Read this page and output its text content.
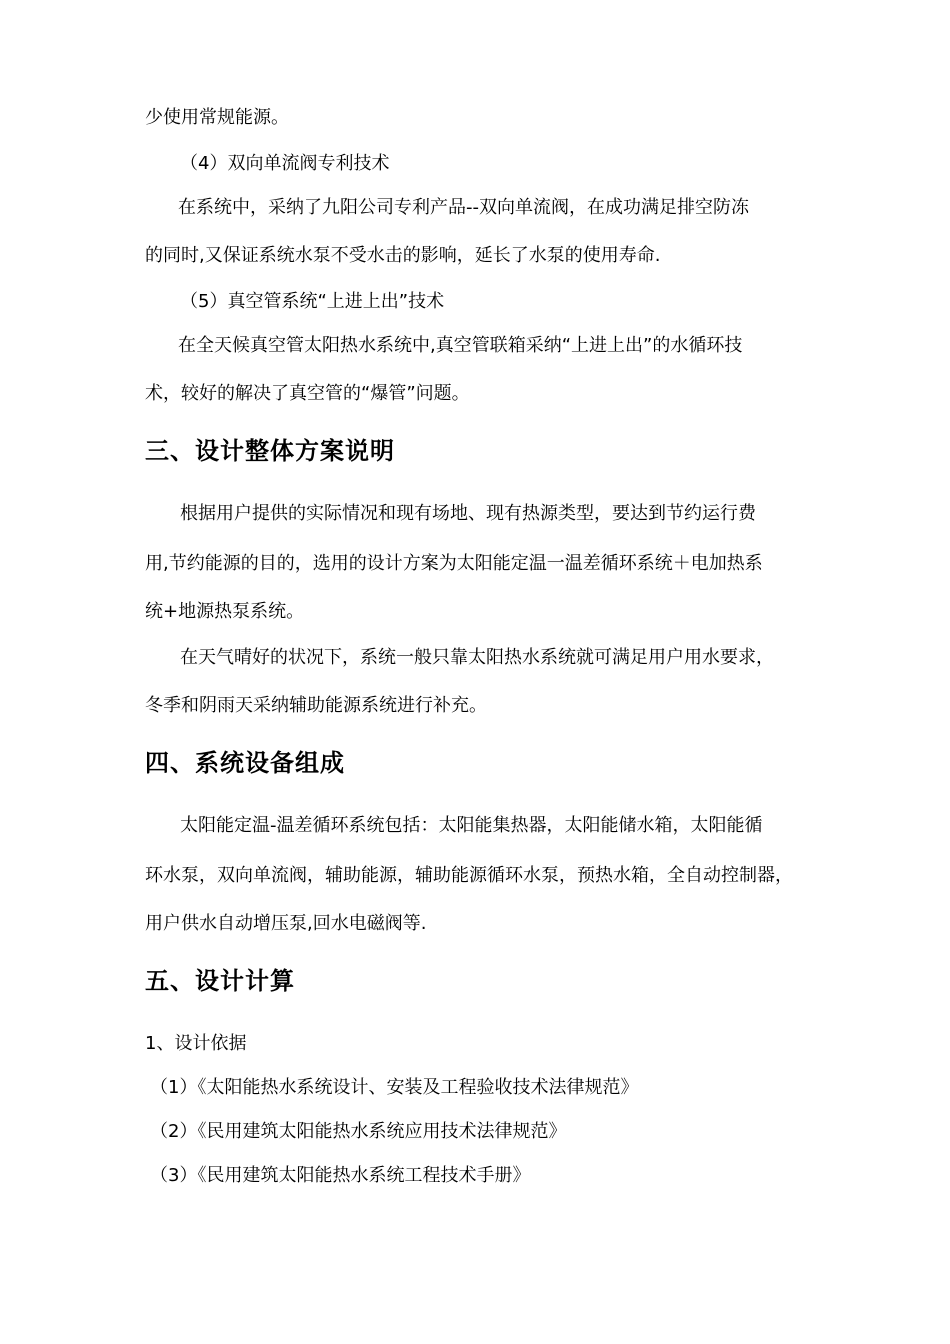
少使用常规能源。
（4）双向单流阀专利技术
在系统中，采纳了九阳公司专利产品--双向单流阀，在成功满足排空防冻
的同时,又保证系统水泵不受水击的影响，延长了水泵的使用寿命.
（5）真空管系统“上进上出”技术
在全天候真空管太阳热水系统中,真空管联箱采纳“上进上出”的水循环技
术，较好的解决了真空管的“爆管”问题。
三、设计整体方案说明
根据用户提供的实际情况和现有场地、现有热源类型，要达到节约运行费
用,节约能源的目的，选用的设计方案为太阳能定温一温差循环系统＋电加热系
统+地源热泵系统。
在天气晴好的状况下，系统一般只靠太阳热水系统就可满足用户用水要求，
冬季和阴雨天采纳辅助能源系统进行补充。
四、系统设备组成
太阳能定温-温差循环系统包括：太阳能集热器，太阳能储水箱，太阳能循
环水泵，双向单流阀，辅助能源，辅助能源循环水泵，预热水箱，全自动控制器，
用户供水自动增压泵,回水电磁阀等.
五、设计计算
1、设计依据
（1）《太阳能热水系统设计、安装及工程验收技术法律规范》
（2）《民用建筑太阳能热水系统应用技术法律规范》
（3）《民用建筑太阳能热水系统工程技术手册》
